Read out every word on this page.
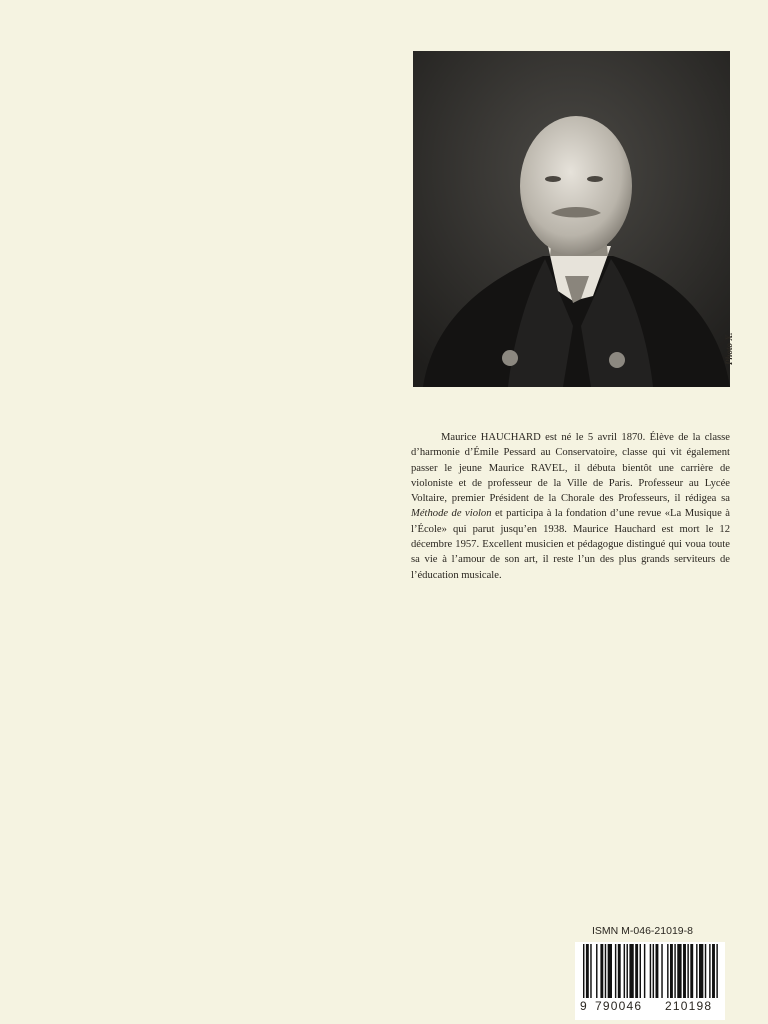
Photo X.

Maurice HAUCHARD est né le 5 avril 1870. Élève de la classe d’harmonie d’Émile Pessard au Conservatoire, classe qui vit également passer le jeune Maurice RAVEL, il débuta bientôt une carrière de violoniste et de professeur de la Ville de Paris. Professeur au Lycée Voltaire, premier Président de la Chorale des Professeurs, il rédigea sa Méthode de violon et participa à la fondation d’une revue «La Musique à l’École» qui parut jusqu’en 1938. Maurice Hauchard est mort le 12 décembre 1957. Excellent musicien et pédagogue distingué qui voua toute sa vie à l’amour de son art, il reste l’un des plus grands serviteurs de l’éducation musicale.

ISMN M-046-21019-8
9 790046 210198
